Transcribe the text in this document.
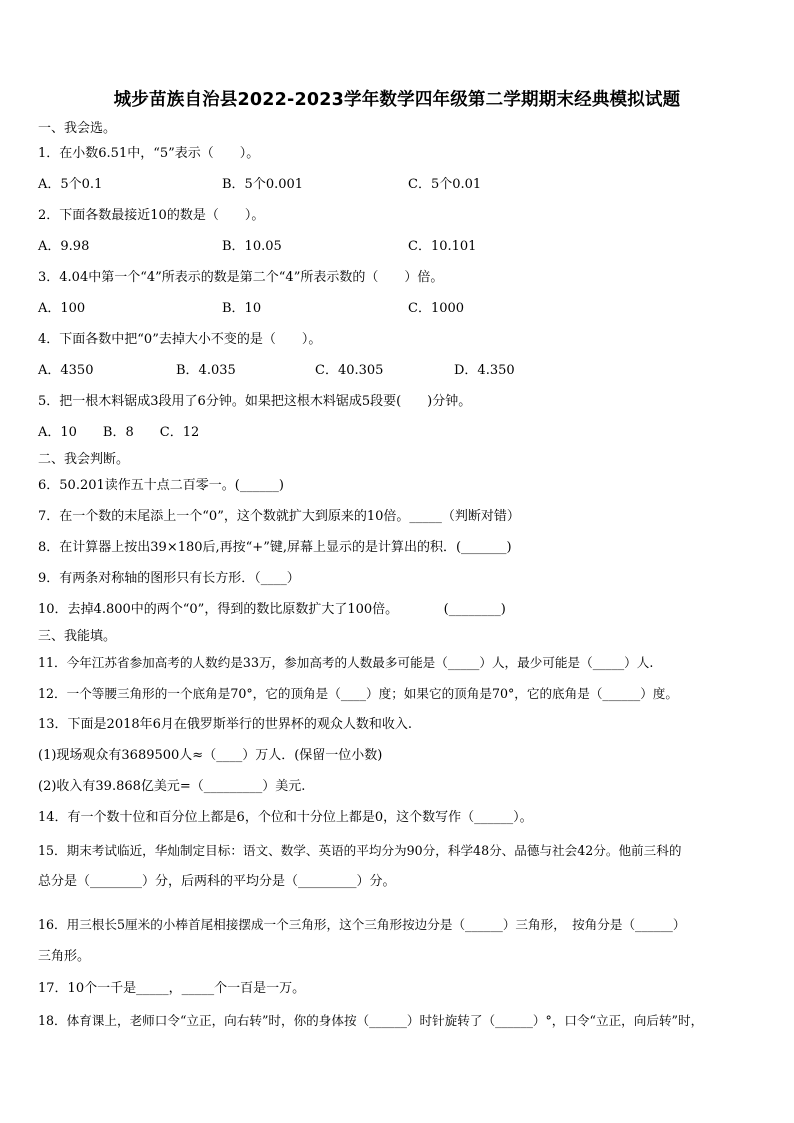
城步苗族自治县2022-2023学年数学四年级第二学期期末经典模拟试题
一、我会选。
1．在小数6.51中，“5”表示（　　）。
A．5个0.1	B．5个0.001	C．5个0.01
2．下面各数最接近10的数是（　　）。
A．9.98	B．10.05	C．10.101
3．4.04中第一个“4”所表示的数是第二个“4”所表示数的（　　）倍。
A．100	B．10	C．1000
4．下面各数中把“0”去掉大小不变的是（　　）。
A．4350	B．4.035	C．40.305	D．4.350
5．把一根木料锯成3段用了6分钟。如果把这根木料锯成5段要(　　)分钟。
A．10　　B．8　　C．12
二、我会判断。
6．50.201读作五十点二百零一。(______)
7．在一个数的末尾添上一个“0”，这个数就扩大到原来的10倍。_____（判断对错）
8．在计算器上按出39×180后,再按“+”键,屏幕上显示的是计算出的积．(_______)
9．有两条对称轴的图形只有长方形．（____）
10．去掉4.800中的两个“0”，得到的数比原数扩大了100倍。　　　　(________)
三、我能填。
11．今年江苏省参加高考的人数约是33万，参加高考的人数最多可能是（_____）人，最少可能是（_____）人.
12．一个等腰三角形的一个底角是70°，它的顶角是（____）度；如果它的顶角是70°，它的底角是（______）度。
13．下面是2018年6月在俄罗斯举行的世界杯的观众人数和收入.
(1)现场观众有3689500人≈（____）万人．(保留一位小数)
(2)收入有39.868亿美元=（_________）美元.
14．有一个数十位和百分位上都是6，个位和十分位上都是0，这个数写作（______）。
15．期末考试临近，华灿制定目标：语文、数学、英语的平均分为90分，科学48分、品德与社会42分。他前三科的
总分是（________）分，后两科的平均分是（_________）分。
16．用三根长5厘米的小棒首尾相接摆成一个三角形，这个三角形按边分是（______）三角形，　按角分是（______）
三角形。
17．10个一千是_____，_____个一百是一万。
18．体育课上，老师口令“立正，向右转”时，你的身体按（______）时针旋转了（______）°，口令“立正，向后转”时，
